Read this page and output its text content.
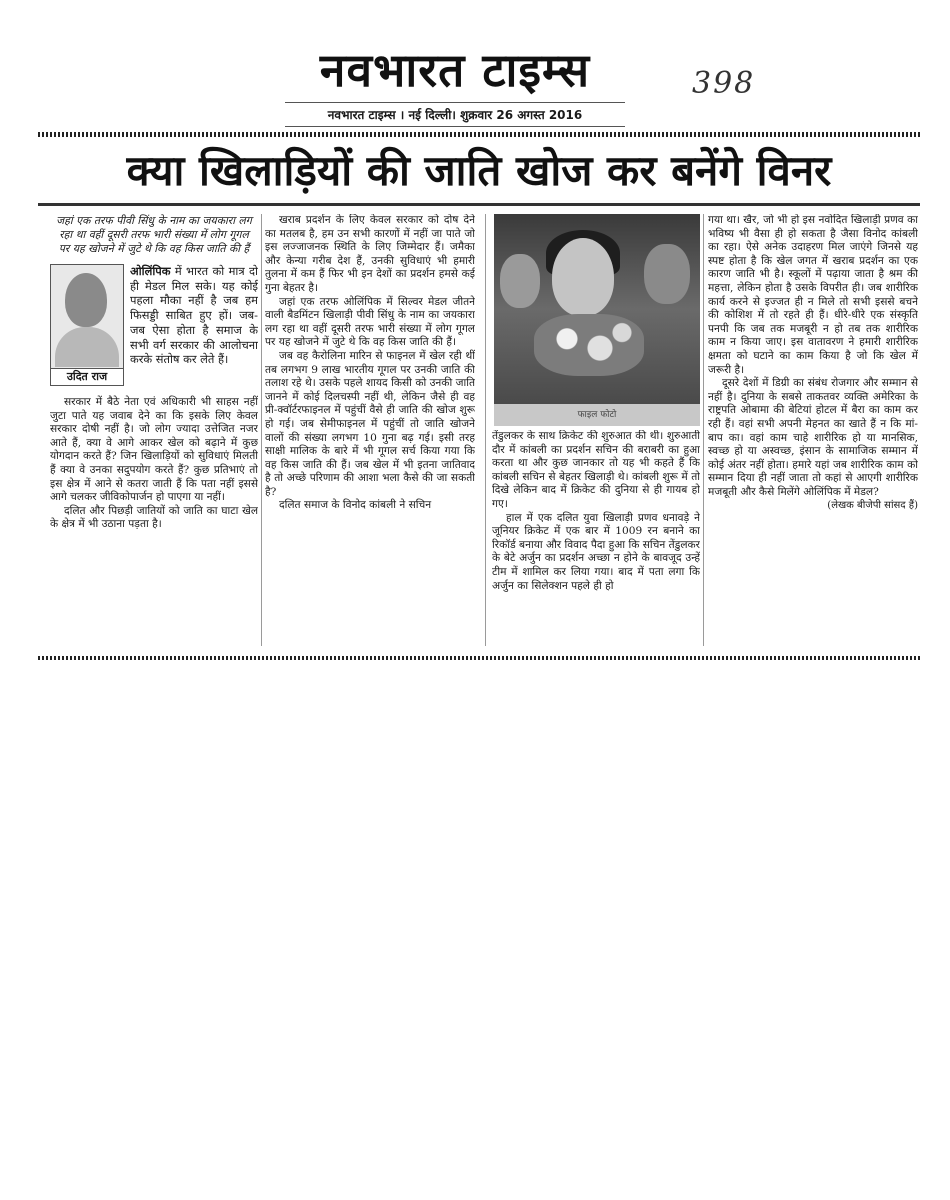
नवभारत टाइम्स
नवभारत टाइम्स । नई दिल्ली। शुक्रवार 26 अगस्त 2016
398
क्या खिलाड़ियों की जाति खोज कर बनेंगे विनर

जहां एक तरफ पीवी सिंधु के नाम का जयकारा लग रहा था वहीं दूसरी तरफ भारी संख्या में लोग गूगल पर यह खोजने में जुटे थे कि वह किस जाति की हैं

उदित राज

ओलिंपिक में भारत को मात्र दो ही मेडल मिल सके। यह कोई पहला मौका नहीं है जब हम फिसड्डी साबित हुए हों। जब-जब ऐसा होता है समाज के सभी वर्ग सरकार की आलोचना करके संतोष कर लेते हैं।

सरकार में बैठे नेता एवं अधिकारी भी साहस नहीं जुटा पाते यह जवाब देने का कि इसके लिए केवल सरकार दोषी नहीं है। जो लोग ज्यादा उत्तेजित नजर आते हैं, क्या वे आगे आकर खेल को बढ़ाने में कुछ योगदान करते हैं? जिन खिलाड़ियों को सुविधाएं मिलती हैं क्या वे उनका सदुपयोग करते हैं? कुछ प्रतिभाएं तो इस क्षेत्र में आने से कतरा जाती हैं कि पता नहीं इससे आगे चलकर जीविकोपार्जन हो पाएगा या नहीं।

दलित और पिछड़ी जातियों को जाति का घाटा खेल के क्षेत्र में भी उठाना पड़ता है।

खराब प्रदर्शन के लिए केवल सरकार को दोष देने का मतलब है, हम उन सभी कारणों में नहीं जा पाते जो इस लज्जाजनक स्थिति के लिए जिम्मेदार हैं। जमैका और केन्या गरीब देश हैं, उनकी सुविधाएं भी हमारी तुलना में कम हैं फिर भी इन देशों का प्रदर्शन हमसे कई गुना बेहतर है।

जहां एक तरफ ओलिंपिक में सिल्वर मेडल जीतने वाली बैडमिंटन खिलाड़ी पीवी सिंधु के नाम का जयकारा लग रहा था वहीं दूसरी तरफ भारी संख्या में लोग गूगल पर यह खोजने में जुटे थे कि वह किस जाति की हैं।

जब वह कैरोलिना मारिन से फाइनल में खेल रही थीं तब लगभग 9 लाख भारतीय गूगल पर उनकी जाति की तलाश रहे थे। उसके पहले शायद किसी को उनकी जाति जानने में कोई दिलचस्पी नहीं थी, लेकिन जैसे ही वह प्री-क्वॉर्टरफाइनल में पहुंचीं वैसे ही जाति की खोज शुरू हो गई। जब सेमीफाइनल में पहुंचीं तो जाति खोजने वालों की संख्या लगभग 10 गुना बढ़ गई। इसी तरह साक्षी मालिक के बारे में भी गूगल सर्च किया गया कि वह किस जाति की हैं। जब खेल में भी इतना जातिवाद है तो अच्छे परिणाम की आशा भला कैसे की जा सकती है?

दलित समाज के विनोद कांबली ने सचिन

फाइल फोटो

तेंडुलकर के साथ क्रिकेट की शुरुआत की थी। शुरुआती दौर में कांबली का प्रदर्शन सचिन की बराबरी का हुआ करता था और कुछ जानकार तो यह भी कहते हैं कि कांबली सचिन से बेहतर खिलाड़ी थे। कांबली शुरू में तो दिखे लेकिन बाद में क्रिकेट की दुनिया से ही गायब हो गए।

हाल में एक दलित युवा खिलाड़ी प्रणव धनावड़े ने जूनियर क्रिकेट में एक बार में 1009 रन बनाने का रिकॉर्ड बनाया और विवाद पैदा हुआ कि सचिन तेंडुलकर के बेटे अर्जुन का प्रदर्शन अच्छा न होने के बावजूद उन्हें टीम में शामिल कर लिया गया। बाद में पता लगा कि अर्जुन का सिलेक्शन पहले ही हो

गया था। खैर, जो भी हो इस नवोदित खिलाड़ी प्रणव का भविष्य भी वैसा ही हो सकता है जैसा विनोद कांबली का रहा। ऐसे अनेक उदाहरण मिल जाएंगे जिनसे यह स्पष्ट होता है कि खेल जगत में खराब प्रदर्शन का एक कारण जाति भी है। स्कूलों में पढ़ाया जाता है श्रम की महत्ता, लेकिन होता है उसके विपरीत ही। जब शारीरिक कार्य करने से इज्जत ही न मिले तो सभी इससे बचने की कोशिश में तो रहते ही हैं। धीरे-धीरे एक संस्कृति पनपी कि जब तक मजबूरी न हो तब तक शारीरिक काम न किया जाए। इस वातावरण ने हमारी शारीरिक क्षमता को घटाने का काम किया है जो कि खेल में जरूरी है।

दूसरे देशों में डिग्री का संबंध रोजगार और सम्मान से नहीं है। दुनिया के सबसे ताकतवर व्यक्ति अमेरिका के राष्ट्रपति ओबामा की बेटियां होटल में बैरा का काम कर रही हैं। वहां सभी अपनी मेहनत का खाते हैं न कि मां-बाप का। वहां काम चाहे शारीरिक हो या मानसिक, स्वच्छ हो या अस्वच्छ, इंसान के सामाजिक सम्मान में कोई अंतर नहीं होता। हमारे यहां जब शारीरिक काम को सम्मान दिया ही नहीं जाता तो कहां से आएगी शारीरिक मजबूती और कैसे मिलेंगे ओलिंपिक में मेडल?

(लेखक बीजेपी सांसद हैं)
